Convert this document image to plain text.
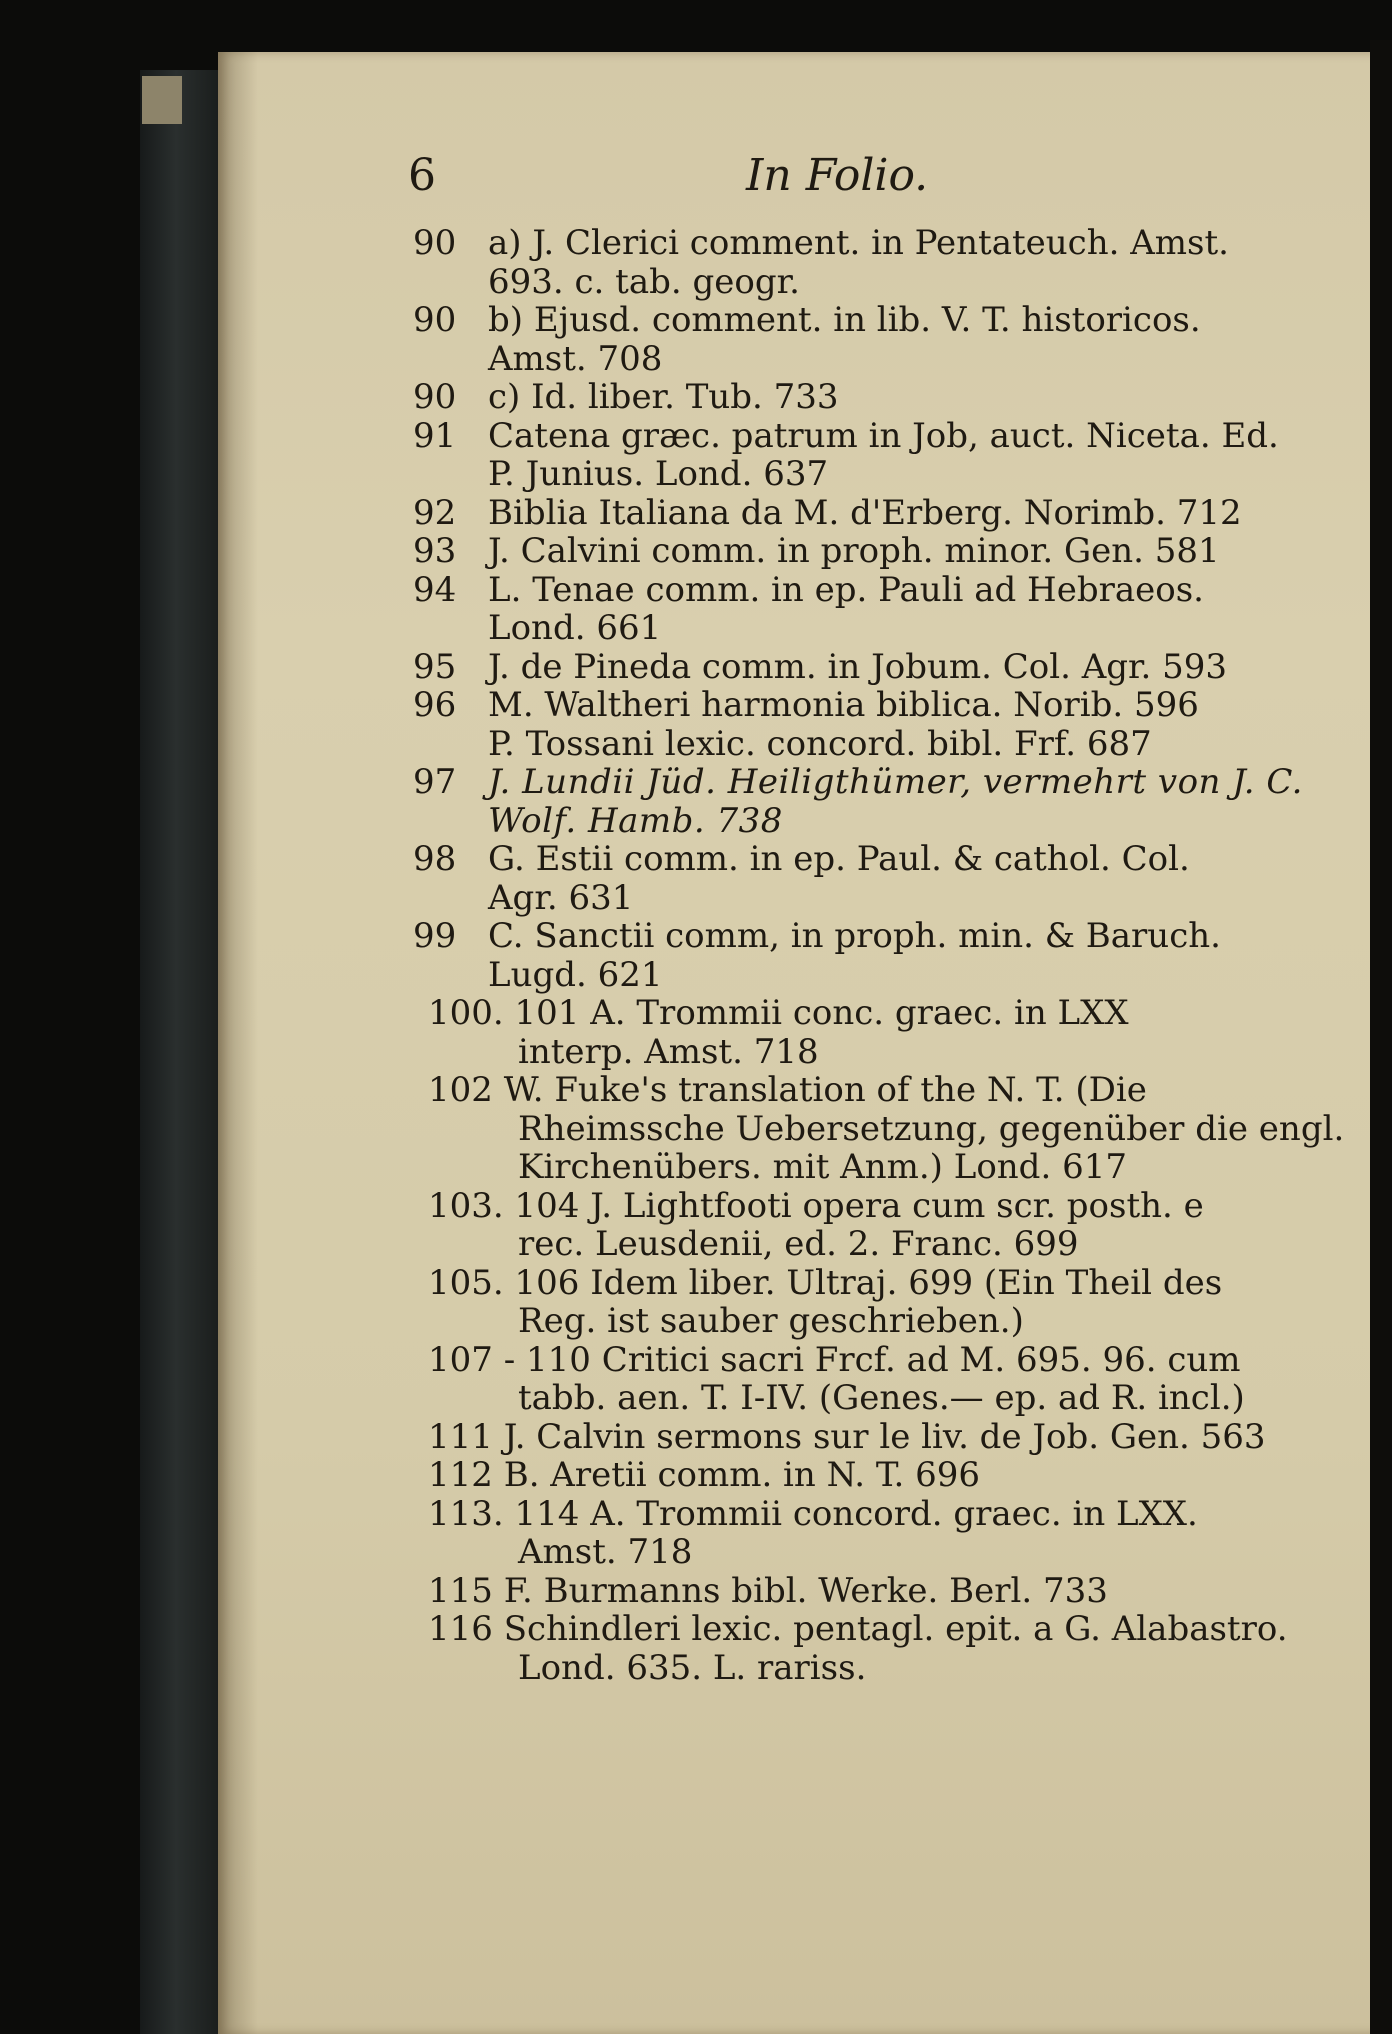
6	In Folio.
90 a) J. Clerici comment. in Pentateuch. Amst.
693. c. tab. geogr.
90 b) Ejusd. comment. in lib. V. T. historicos.
Amst. 708
90 c) Id. liber. Tub. 733
91 Catena græc. patrum in Job, auct. Niceta. Ed.
P. Junius. Lond. 637
92 Biblia Italiana da M. d'Erberg. Norimb. 712
93 J. Calvini comm. in proph. minor. Gen. 581
94 L. Tenae comm. in ep. Pauli ad Hebraeos.
Lond. 661
95 J. de Pineda comm. in Jobum. Col. Agr. 593
96 M. Waltheri harmonia biblica. Norib. 596
P. Tossani lexic. concord. bibl. Frf. 687
97 J. Lundii Jüd. Heiligthümer, vermehrt von J. C.
Wolf. Hamb. 738
98 G. Estii comm. in ep. Paul. & cathol. Col.
Agr. 631
99 C. Sanctii comm, in proph. min. & Baruch.
Lugd. 621
100. 101 A. Trommii conc. graec. in LXX
interp. Amst. 718
102 W. Fuke's translation of the N. T. (Die
Rheimssche Uebersetzung, gegenüber die engl.
Kirchenübers. mit Anm.) Lond. 617
103. 104 J. Lightfooti opera cum scr. posth. e
rec. Leusdenii, ed. 2. Franc. 699
105. 106 Idem liber. Ultraj. 699 (Ein Theil des
Reg. ist sauber geschrieben.)
107 - 110 Critici sacri Frcf. ad M. 695. 96. cum
tabb. aen. T. I-IV. (Genes.— ep. ad R. incl.)
111 J. Calvin sermons sur le liv. de Job. Gen. 563
112 B. Aretii comm. in N. T. 696
113. 114 A. Trommii concord. graec. in LXX.
Amst. 718
115 F. Burmanns bibl. Werke. Berl. 733
116 Schindleri lexic. pentagl. epit. a G. Alabastro.
Lond. 635. L. rariss.
